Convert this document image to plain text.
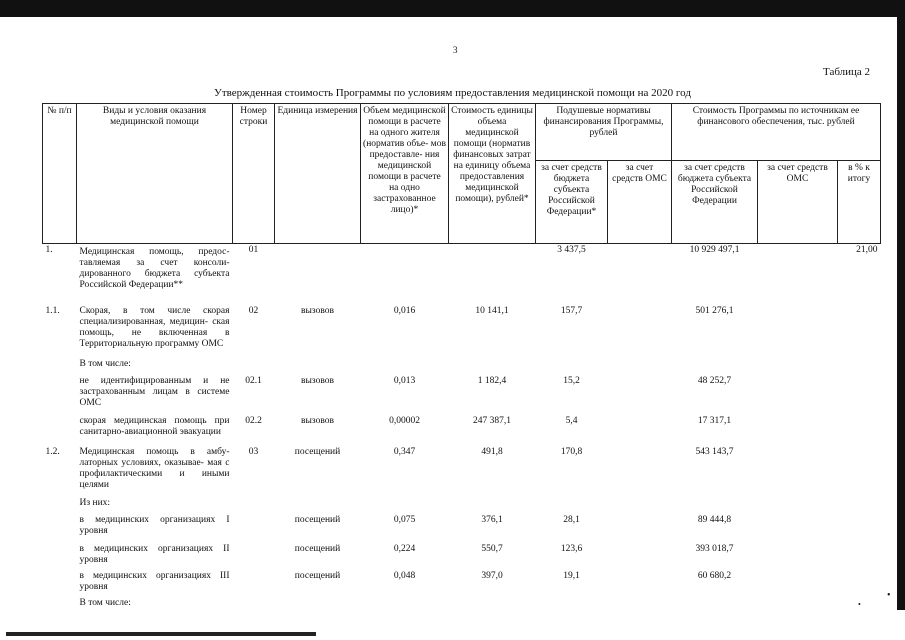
3
Таблица 2
Утвержденная стоимость Программы по условиям предоставления медицинской помощи на 2020 год
№ п/п	Виды и условия оказания медицинской помощи	Номер строки	Единица измерения	Объем медицинской помощи в расчете на одного жителя (норматив объе- мов предоставле- ния медицинской помощи в расчете на одно застрахованное лицо)*	Стоимость единицы объема медицинской помощи (норматив финансовых затрат на единицу объема предоставления медицинской помощи), рублей*	Подушевые нормативы финансирования Программы, рублей		Стоимость Программы по источникам ее финансового обеспечения, тыс. рублей		
						за счет средств бюджета субъекта Российской Федерации*	за счет средств ОМС	за счет средств бюджета субъекта Российской Федерации	за счет средств ОМС	в % к итогу
1.	Медицинская помощь, предос- тавляемая за счет консоли- дированного бюджета субъекта Российской Федерации**	01				3 437,5		10 929 497,1		21,00
1.1.	Скорая, в том числе скорая специализированная, медицин- ская помощь, не включенная в Территориальную программу ОМС	02	вызовов	0,016	10 141,1	157,7		501 276,1		
	В том числе:									
	не идентифицированным и не застрахованным лицам в системе ОМС	02.1	вызовов	0,013	1 182,4	15,2		48 252,7		
	скорая медицинская помощь при санитарно-авиационной эвакуации	02.2	вызовов	0,00002	247 387,1	5,4		17 317,1		
1.2.	Медицинская помощь в амбу- латорных условиях, оказывае- мая с профилактическими и иными целями	03	посещений	0,347	491,8	170,8		543 143,7		
	Из них:									
	в медицинских организациях I уровня		посещений	0,075	376,1	28,1		89 444,8		
	в медицинских организациях II уровня		посещений	0,224	550,7	123,6		393 018,7		
	в медицинских организациях III уровня		посещений	0,048	397,0	19,1		60 680,2		
	В том числе:									
•
•
